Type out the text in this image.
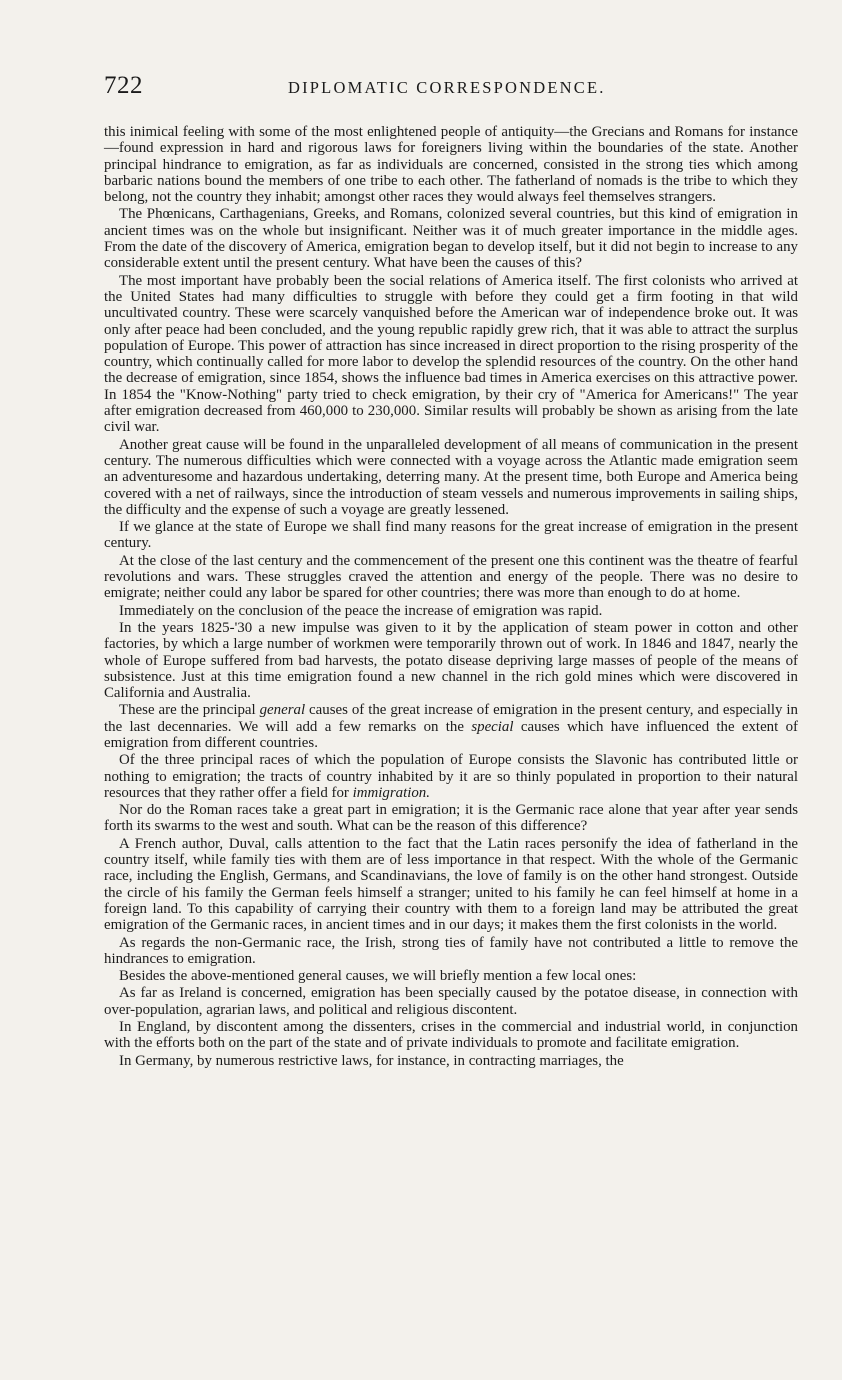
722	DIPLOMATIC CORRESPONDENCE.

this inimical feeling with some of the most enlightened people of antiquity—the Grecians and Romans for instance—found expression in hard and rigorous laws for foreigners living within the boundaries of the state. Another principal hindrance to emigration, as far as individuals are concerned, consisted in the strong ties which among barbaric nations bound the members of one tribe to each other. The fatherland of nomads is the tribe to which they belong, not the country they inhabit; amongst other races they would always feel themselves strangers.

The Phœnicans, Carthagenians, Greeks, and Romans, colonized several countries, but this kind of emigration in ancient times was on the whole but insignificant. Neither was it of much greater importance in the middle ages. From the date of the discovery of America, emigration began to develop itself, but it did not begin to increase to any considerable extent until the present century. What have been the causes of this?

The most important have probably been the social relations of America itself. The first colonists who arrived at the United States had many difficulties to struggle with before they could get a firm footing in that wild uncultivated country. These were scarcely vanquished before the American war of independence broke out. It was only after peace had been concluded, and the young republic rapidly grew rich, that it was able to attract the surplus population of Europe. This power of attraction has since increased in direct proportion to the rising prosperity of the country, which continually called for more labor to develop the splendid resources of the country. On the other hand the decrease of emigration, since 1854, shows the influence bad times in America exercises on this attractive power. In 1854 the "Know-Nothing" party tried to check emigration, by their cry of "America for Americans!" The year after emigration decreased from 460,000 to 230,000. Similar results will probably be shown as arising from the late civil war.

Another great cause will be found in the unparalleled development of all means of communication in the present century. The numerous difficulties which were connected with a voyage across the Atlantic made emigration seem an adventuresome and hazardous undertaking, deterring many. At the present time, both Europe and America being covered with a net of railways, since the introduction of steam vessels and numerous improvements in sailing ships, the difficulty and the expense of such a voyage are greatly lessened.

If we glance at the state of Europe we shall find many reasons for the great increase of emigration in the present century.

At the close of the last century and the commencement of the present one this continent was the theatre of fearful revolutions and wars. These struggles craved the attention and energy of the people. There was no desire to emigrate; neither could any labor be spared for other countries; there was more than enough to do at home.

Immediately on the conclusion of the peace the increase of emigration was rapid.

In the years 1825-'30 a new impulse was given to it by the application of steam power in cotton and other factories, by which a large number of workmen were temporarily thrown out of work. In 1846 and 1847, nearly the whole of Europe suffered from bad harvests, the potato disease depriving large masses of people of the means of subsistence. Just at this time emigration found a new channel in the rich gold mines which were discovered in California and Australia.

These are the principal general causes of the great increase of emigration in the present century, and especially in the last decennaries. We will add a few remarks on the special causes which have influenced the extent of emigration from different countries.

Of the three principal races of which the population of Europe consists the Slavonic has contributed little or nothing to emigration; the tracts of country inhabited by it are so thinly populated in proportion to their natural resources that they rather offer a field for immigration.

Nor do the Roman races take a great part in emigration; it is the Germanic race alone that year after year sends forth its swarms to the west and south. What can be the reason of this difference?

A French author, Duval, calls attention to the fact that the Latin races personify the idea of fatherland in the country itself, while family ties with them are of less importance in that respect. With the whole of the Germanic race, including the English, Germans, and Scandinavians, the love of family is on the other hand strongest. Outside the circle of his family the German feels himself a stranger; united to his family he can feel himself at home in a foreign land. To this capability of carrying their country with them to a foreign land may be attributed the great emigration of the Germanic races, in ancient times and in our days; it makes them the first colonists in the world.

As regards the non-Germanic race, the Irish, strong ties of family have not contributed a little to remove the hindrances to emigration.

Besides the above-mentioned general causes, we will briefly mention a few local ones:

As far as Ireland is concerned, emigration has been specially caused by the potatoe disease, in connection with over-population, agrarian laws, and political and religious discontent.

In England, by discontent among the dissenters, crises in the commercial and industrial world, in conjunction with the efforts both on the part of the state and of private individuals to promote and facilitate emigration.

In Germany, by numerous restrictive laws, for instance, in contracting marriages, the
